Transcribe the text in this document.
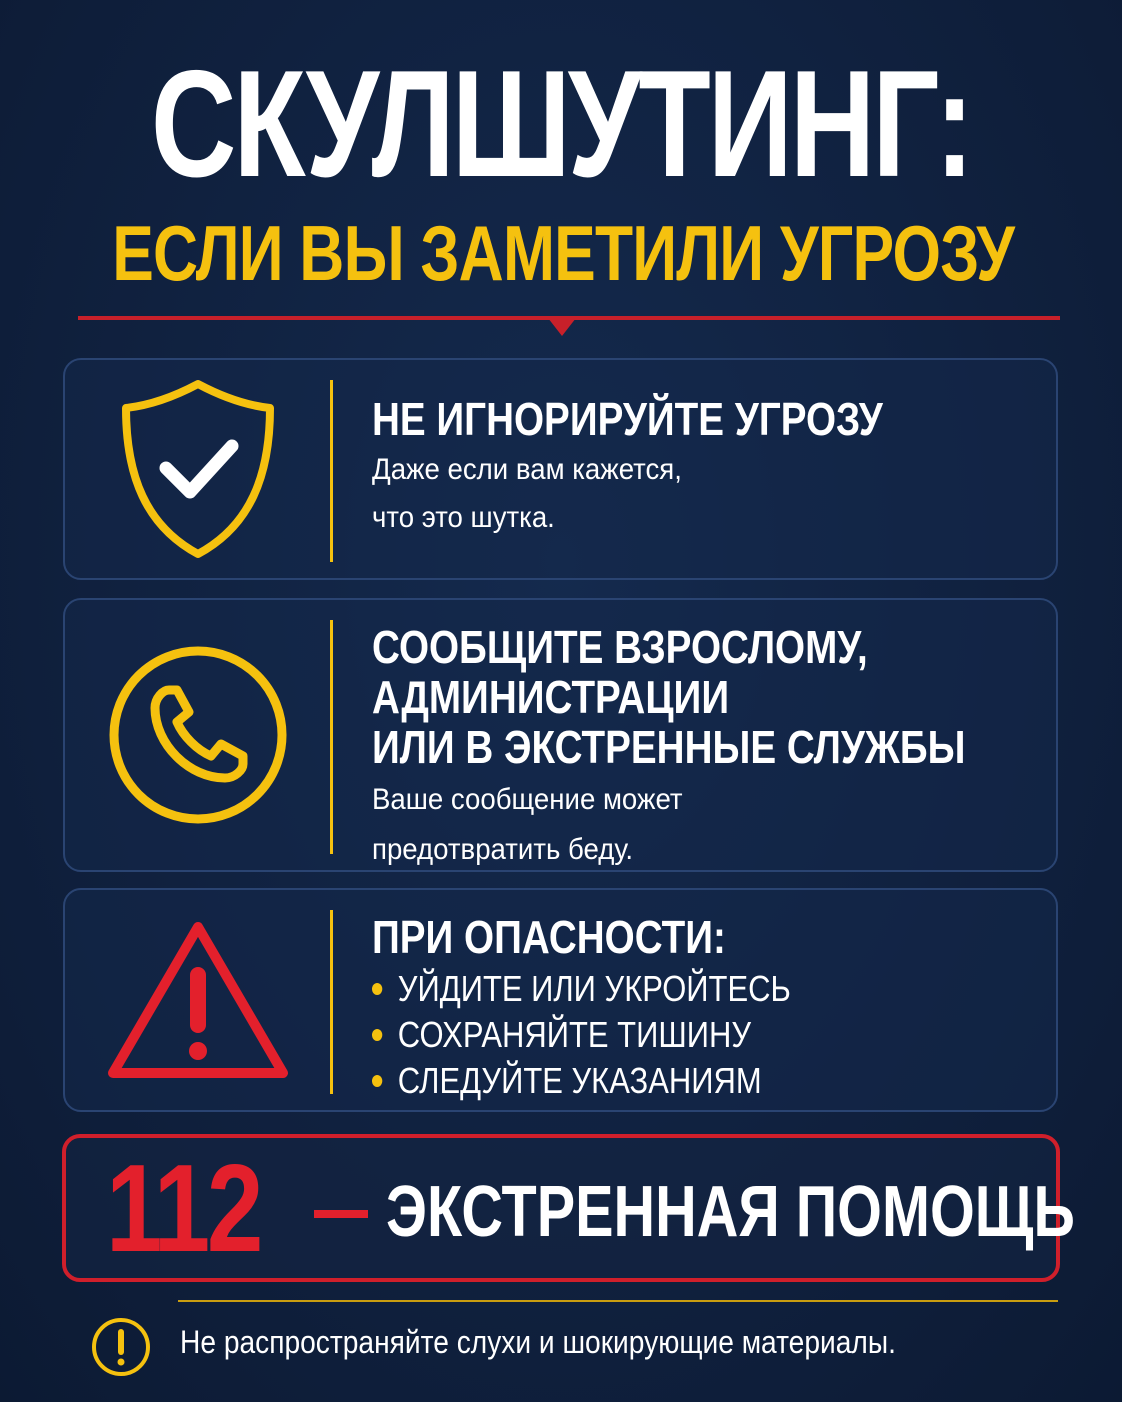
СКУЛШУТИНГ:
ЕСЛИ ВЫ ЗАМЕТИЛИ УГРОЗУ
НЕ ИГНОРИРУЙТЕ УГРОЗУ
Даже если вам кажется,
что это шутка.
СООБЩИТЕ ВЗРОСЛОМУ,
АДМИНИСТРАЦИИ
ИЛИ В ЭКСТРЕННЫЕ СЛУЖБЫ
Ваше сообщение может
предотвратить беду.
ПРИ ОПАСНОСТИ:
УЙДИТЕ ИЛИ УКРОЙТЕСЬ
СОХРАНЯЙТЕ ТИШИНУ
СЛЕДУЙТЕ УКАЗАНИЯМ
112 ЭКСТРЕННАЯ ПОМОЩЬ
Не распространяйте слухи и шокирующие материалы.
